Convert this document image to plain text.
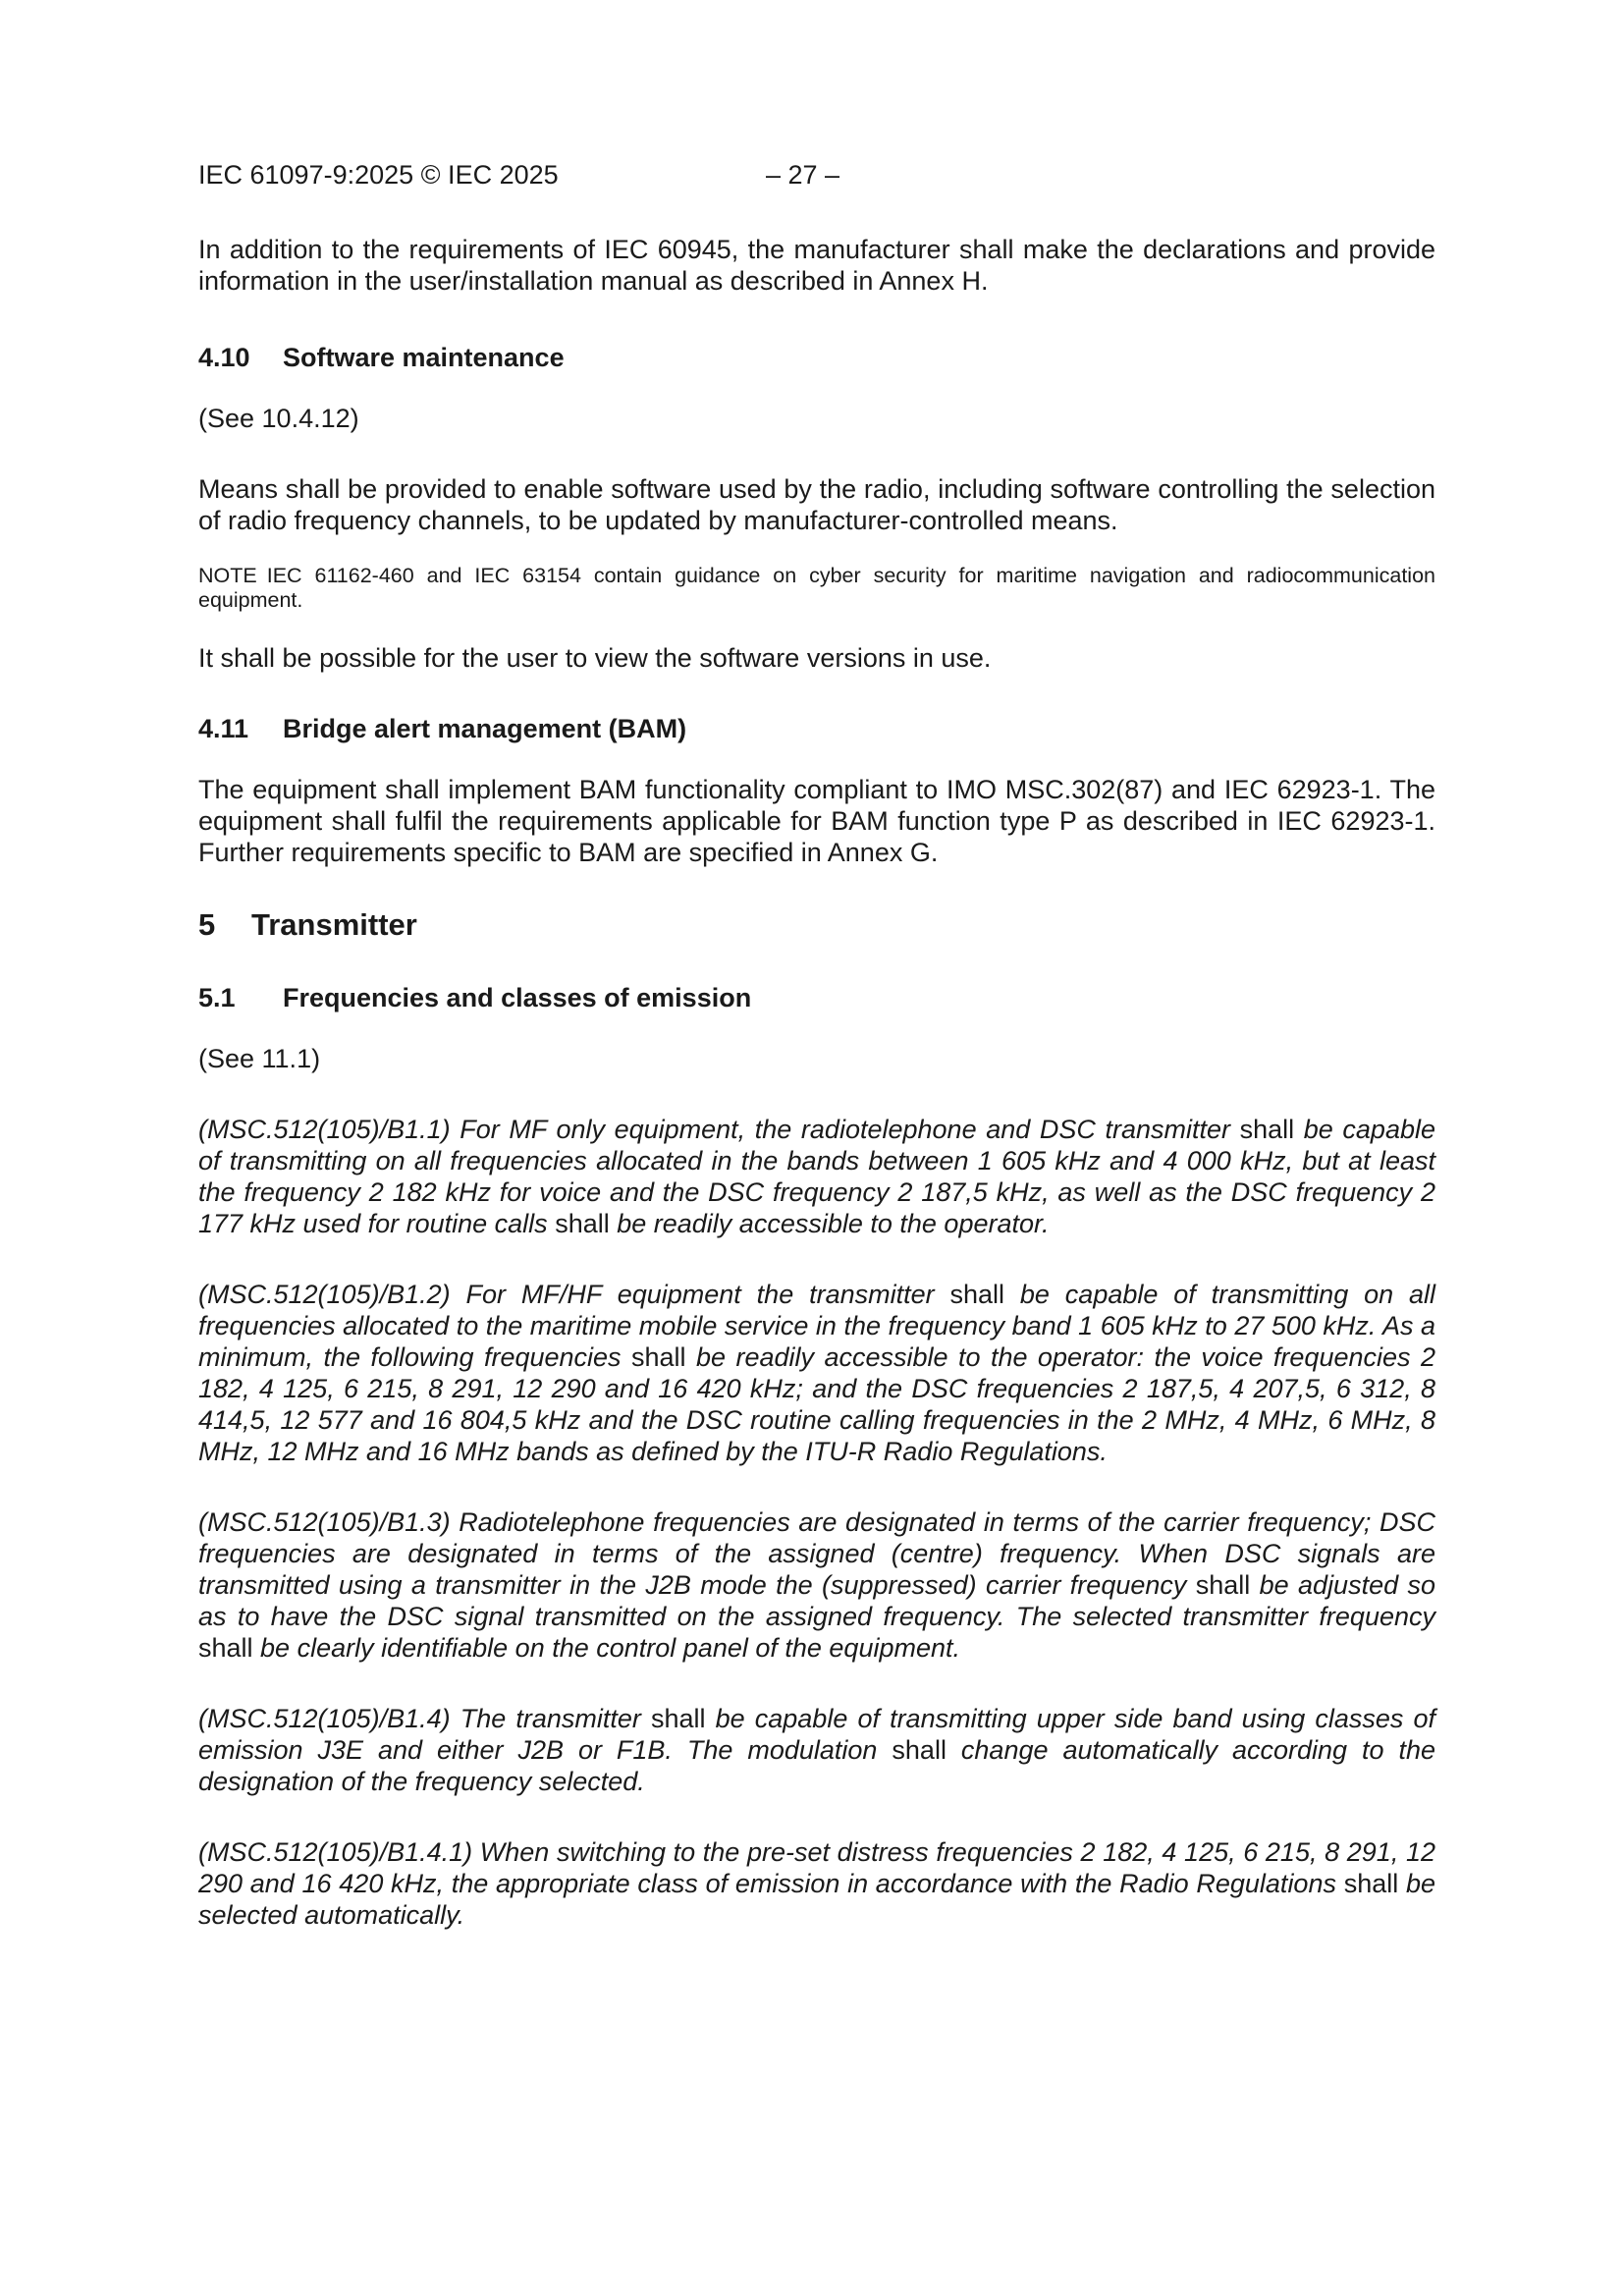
IEC 61097-9:2025 © IEC 2025	– 27 –

In addition to the requirements of IEC 60945, the manufacturer shall make the declarations and provide information in the user/installation manual as described in Annex H.

4.10 Software maintenance

(See 10.4.12)

Means shall be provided to enable software used by the radio, including software controlling the selection of radio frequency channels, to be updated by manufacturer-controlled means.

NOTE IEC 61162-460 and IEC 63154 contain guidance on cyber security for maritime navigation and radiocommunication equipment.

It shall be possible for the user to view the software versions in use.

4.11 Bridge alert management (BAM)

The equipment shall implement BAM functionality compliant to IMO MSC.302(87) and IEC 62923-1. The equipment shall fulfil the requirements applicable for BAM function type P as described in IEC 62923-1. Further requirements specific to BAM are specified in Annex G.

5 Transmitter
5.1 Frequencies and classes of emission

(See 11.1)

(MSC.512(105)/B1.1) For MF only equipment, the radiotelephone and DSC transmitter shall be capable of transmitting on all frequencies allocated in the bands between 1 605 kHz and 4 000 kHz, but at least the frequency 2 182 kHz for voice and the DSC frequency 2 187,5 kHz, as well as the DSC frequency 2 177 kHz used for routine calls shall be readily accessible to the operator.

(MSC.512(105)/B1.2) For MF/HF equipment the transmitter shall be capable of transmitting on all frequencies allocated to the maritime mobile service in the frequency band 1 605 kHz to 27 500 kHz. As a minimum, the following frequencies shall be readily accessible to the operator: the voice frequencies 2 182, 4 125, 6 215, 8 291, 12 290 and 16 420 kHz; and the DSC frequencies 2 187,5, 4 207,5, 6 312, 8 414,5, 12 577 and 16 804,5 kHz and the DSC routine calling frequencies in the 2 MHz, 4 MHz, 6 MHz, 8 MHz, 12 MHz and 16 MHz bands as defined by the ITU-R Radio Regulations.

(MSC.512(105)/B1.3) Radiotelephone frequencies are designated in terms of the carrier frequency; DSC frequencies are designated in terms of the assigned (centre) frequency. When DSC signals are transmitted using a transmitter in the J2B mode the (suppressed) carrier frequency shall be adjusted so as to have the DSC signal transmitted on the assigned frequency. The selected transmitter frequency shall be clearly identifiable on the control panel of the equipment.

(MSC.512(105)/B1.4) The transmitter shall be capable of transmitting upper side band using classes of emission J3E and either J2B or F1B. The modulation shall change automatically according to the designation of the frequency selected.

(MSC.512(105)/B1.4.1) When switching to the pre-set distress frequencies 2 182, 4 125, 6 215, 8 291, 12 290 and 16 420 kHz, the appropriate class of emission in accordance with the Radio Regulations shall be selected automatically.
